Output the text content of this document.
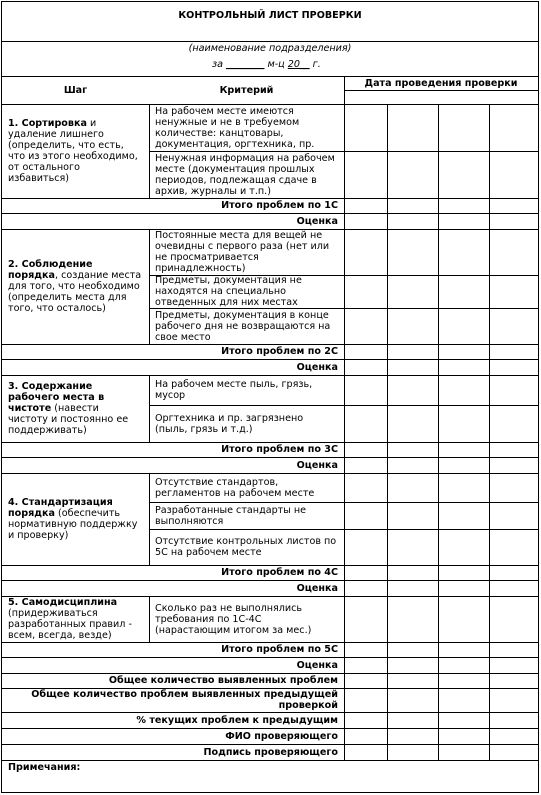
КОНТРОЛЬНЫЙ ЛИСТ ПРОВЕРКИ
(наименование подразделения)
за ________ м-ц 20__ г.
Шаг	Критерий
Дата проведения проверки
1. Сортировка и
удаление лишнего
(определить, что есть,
что из этого необходимо,
от остального
избавиться)
На рабочем месте имеются
ненужные и не в требуемом
количестве: канцтовары,
документация, оргтехника, пр.
Ненужная информация на рабочем
месте (документация прошлых
периодов, подлежащая сдаче в
архив, журналы и т.п.)
Итого проблем по 1С
Оценка
2. Соблюдение
порядка, создание места
для того, что необходимо
(определить места для
того, что осталось)
Постоянные места для вещей не
очевидны с первого раза (нет или
не просматривается
принадлежность)
Предметы, документация не
находятся на специально
отведенных для них местах
Предметы, документация в конце
рабочего дня не возвращаются на
свое место
Итого проблем по 2С
Оценка
3. Содержание
рабочего места в
чистоте (навести
чистоту и постоянно ее
поддерживать)
На рабочем месте пыль, грязь,
мусор
Оргтехника и пр. загрязнено
(пыль, грязь и т.д.)
Итого проблем по 3С
Оценка
4. Стандартизация
порядка (обеспечить
нормативную поддержку
и проверку)
Отсутствие стандартов,
регламентов на рабочем месте
Разработанные стандарты не
выполняются
Отсутствие контрольных листов по
5С на рабочем месте
Итого проблем по 4С
Оценка
5. Самодисциплина
(придерживаться
разработанных правил -
всем, всегда, везде)
Сколько раз не выполнялись
требования по 1С-4С
(нарастающим итогом за мес.)
Итого проблем по 5С
Оценка
Общее количество выявленных проблем
Общее количество проблем выявленных предыдущей
проверкой
% текущих проблем к предыдущим
ФИО проверяющего
Подпись проверяющего
Примечания:
